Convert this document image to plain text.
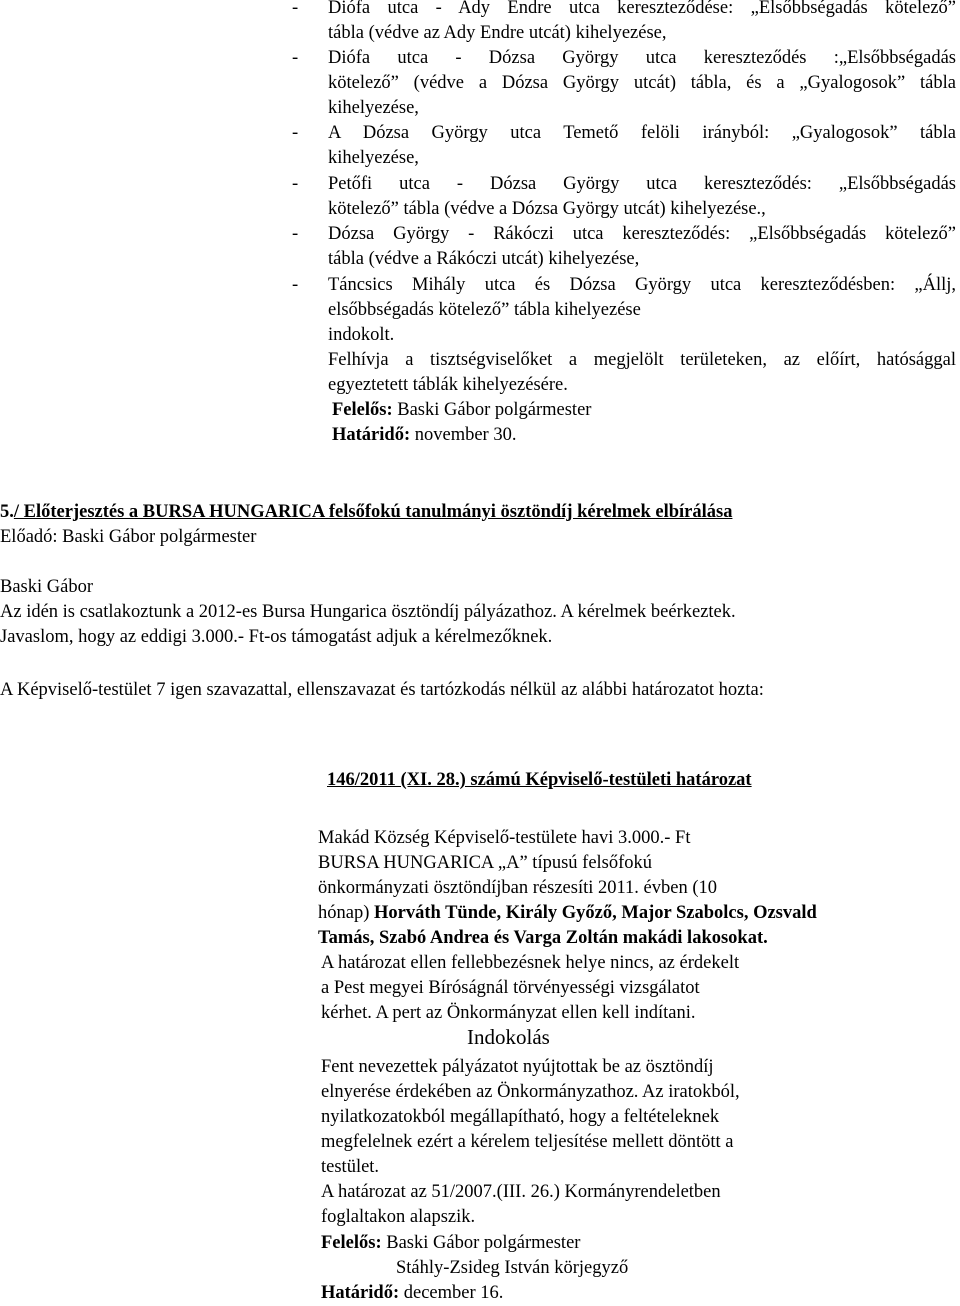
- Diófa utca - Ady Endre utca kereszteződése: „Elsőbbségadás kötelező”
tábla (védve az Ady Endre utcát) kihelyezése,
- Diófa utca - Dózsa György utca kereszteződés :„Elsőbbségadás
kötelező” (védve a Dózsa György utcát) tábla, és a „Gyalogosok” tábla
kihelyezése,
- A Dózsa György utca Temető felöli irányból: „Gyalogosok” tábla
kihelyezése,
- Petőfi utca - Dózsa György utca kereszteződés: „Elsőbbségadás
kötelező” tábla (védve a Dózsa György utcát) kihelyezése.,
- Dózsa György - Rákóczi utca kereszteződés: „Elsőbbségadás kötelező”
tábla (védve a Rákóczi utcát) kihelyezése,
- Táncsics Mihály utca és Dózsa György utca kereszteződésben: „Állj,
elsőbbségadás kötelező” tábla kihelyezése
indokolt.
Felhívja a tisztségviselőket a megjelölt területeken, az előírt, hatósággal
egyeztetett táblák kihelyezésére.
Felelős: Baski Gábor polgármester
Határidő: november 30.
5./ Előterjesztés a BURSA HUNGARICA felsőfokú tanulmányi ösztöndíj kérelmek elbírálása
Előadó: Baski Gábor polgármester
Baski Gábor
Az idén is csatlakoztunk a 2012-es Bursa Hungarica ösztöndíj pályázathoz. A kérelmek beérkeztek.
Javaslom, hogy az eddigi 3.000.- Ft-os támogatást adjuk a kérelmezőknek.
A Képviselő-testület 7 igen szavazattal, ellenszavazat és tartózkodás nélkül az alábbi határozatot hozta:
146/2011 (XI. 28.) számú Képviselő-testületi határozat
Makád Község Képviselő-testülete havi 3.000.- Ft
BURSA HUNGARICA „A” típusú felsőfokú
önkormányzati ösztöndíjban részesíti 2011. évben (10
hónap) Horváth Tünde, Király Győző, Major Szabolcs, Ozsvald
Tamás, Szabó Andrea és Varga Zoltán makádi lakosokat.
A határozat ellen fellebbezésnek helye nincs, az érdekelt
a Pest megyei Bíróságnál törvényességi vizsgálatot
kérhet. A pert az Önkormányzat ellen kell indítani.
Indokolás
Fent nevezettek pályázatot nyújtottak be az ösztöndíj
elnyerése érdekében az Önkormányzathoz. Az iratokból,
nyilatkozatokból megállapítható, hogy a feltételeknek
megfelelnek ezért a kérelem teljesítése mellett döntött a
testület.
A határozat az 51/2007.(III. 26.) Kormányrendeletben
foglaltakon alapszik.
Felelős: Baski Gábor polgármester
Stáhly-Zsideg István körjegyző
Határidő: december 16.
